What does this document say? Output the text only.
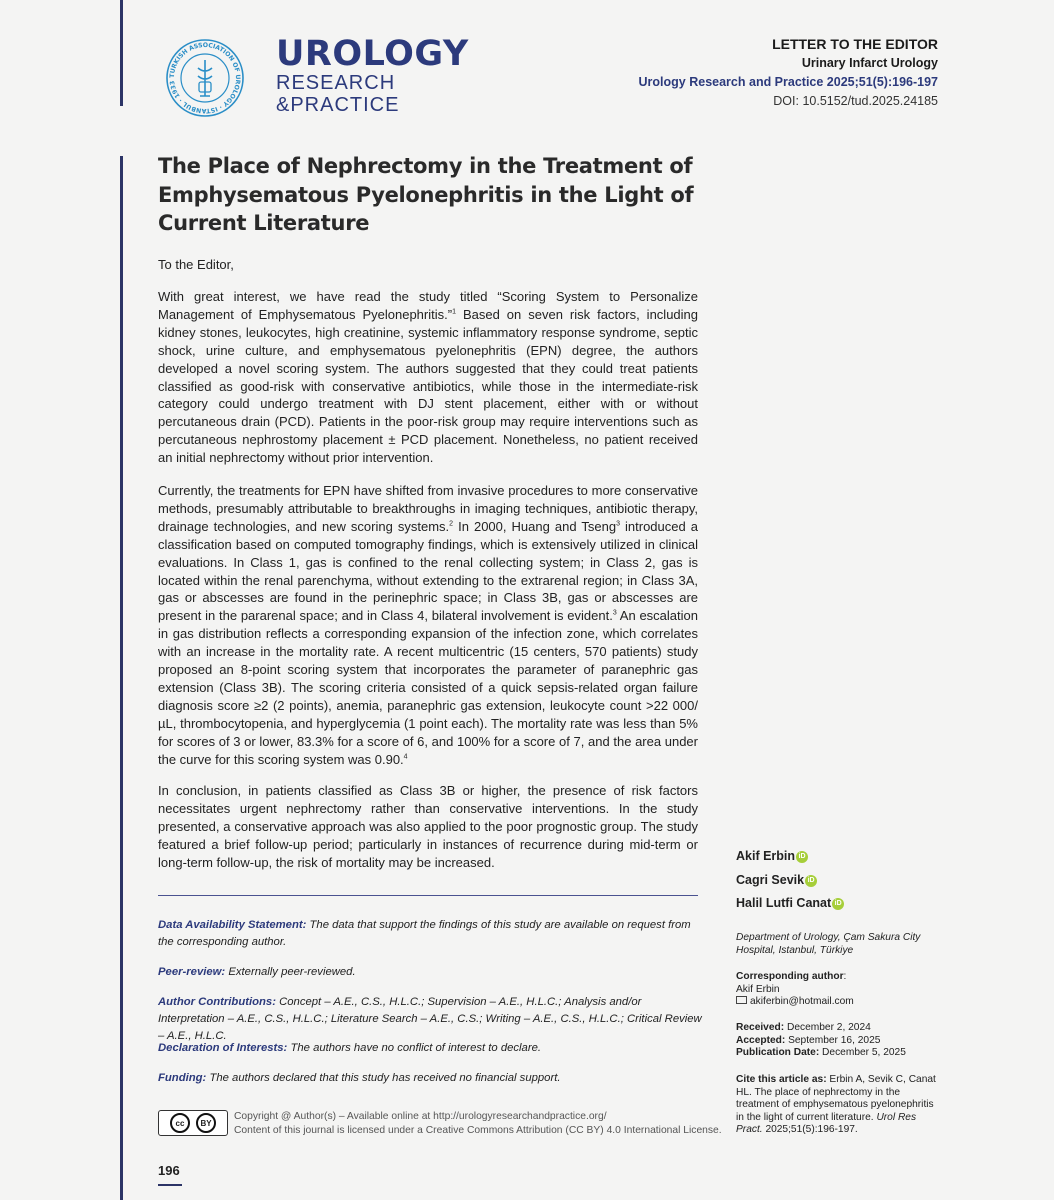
TURKISH ASSOCIATION OF UROLOGY · ISTANBUL · 1933
UROLOGY
RESEARCH
&PRACTICE
LETTER TO THE EDITOR
Urinary Infarct Urology
Urology Research and Practice 2025;51(5):196-197
DOI: 10.5152/tud.2025.24185
The Place of Nephrectomy in the Treatment of Emphysematous Pyelonephritis in the Light of Current Literature
To the Editor,
With great interest, we have read the study titled “Scoring System to Personalize Management of Emphysematous Pyelonephritis.”$^1$ Based on seven risk factors, including kidney stones, leukocytes, high creatinine, systemic inflammatory response syndrome, septic shock, urine culture, and emphysematous pyelonephritis (EPN) degree, the authors developed a novel scoring system. The authors suggested that they could treat patients classified as good-risk with conservative antibiotics, while those in the intermediate-risk category could undergo treatment with DJ stent placement, either with or without percutaneous drain (PCD). Patients in the poor-risk group may require interventions such as percutaneous nephrostomy placement ± PCD placement. Nonetheless, no patient received an initial nephrectomy without prior intervention.
Currently, the treatments for EPN have shifted from invasive procedures to more conservative methods, presumably attributable to breakthroughs in imaging techniques, antibiotic therapy, drainage technologies, and new scoring systems.$^2$ In 2000, Huang and Tseng$^3$ introduced a classification based on computed tomography findings, which is extensively utilized in clinical evaluations. In Class 1, gas is confined to the renal collecting system; in Class 2, gas is located within the renal parenchyma, without extending to the extrarenal region; in Class 3A, gas or abscesses are found in the perinephric space; in Class 3B, gas or abscesses are present in the pararenal space; and in Class 4, bilateral involvement is evident.$^3$ An escalation in gas distribution reflects a corresponding expansion of the infection zone, which correlates with an increase in the mortality rate. A recent multicentric (15 centers, 570 patients) study proposed an 8-point scoring system that incorporates the parameter of paranephric gas extension (Class 3B). The scoring criteria consisted of a quick sepsis-related organ failure diagnosis score ≥2 (2 points), anemia, paranephric gas extension, leukocyte count >22 000/µL, thrombocytopenia, and hyperglycemia (1 point each). The mortality rate was less than 5% for scores of 3 or lower, 83.3% for a score of 6, and 100% for a score of 7, and the area under the curve for this scoring system was 0.90.$^4$
In conclusion, in patients classified as Class 3B or higher, the presence of risk factors necessitates urgent nephrectomy rather than conservative interventions. In the study presented, a conservative approach was also applied to the poor prognostic group. The study featured a brief follow-up period; particularly in instances of recurrence during mid-term or long-term follow-up, the risk of mortality may be increased.
Data Availability Statement: The data that support the findings of this study are available on request from the corresponding author.
Peer-review: Externally peer-reviewed.
Author Contributions: Concept – A.E., C.S., H.L.C.; Supervision – A.E., H.L.C.; Analysis and/or Interpretation – A.E., C.S., H.L.C.; Literature Search – A.E., C.S.; Writing – A.E., C.S., H.L.C.; Critical Review – A.E., H.L.C.
Declaration of Interests: The authors have no conflict of interest to declare.
Funding: The authors declared that this study has received no financial support.
cc	BY
Copyright @ Author(s) – Available online at http://urologyresearchandpractice.org/
Content of this journal is licensed under a Creative Commons Attribution (CC BY) 4.0 International License.
196
Akif Erbin iD
Cagri Sevik iD
Halil Lutfi Canat iD
Department of Urology, Çam Sakura City Hospital, Istanbul, Türkiye
Corresponding author:
Akif Erbin
akiferbin@hotmail.com
Received: December 2, 2024
Accepted: September 16, 2025
Publication Date: December 5, 2025
Cite this article as: Erbin A, Sevik C, Canat HL. The place of nephrectomy in the treatment of emphysematous pyelonephritis in the light of current literature. Urol Res Pract. 2025;51(5):196-197.
